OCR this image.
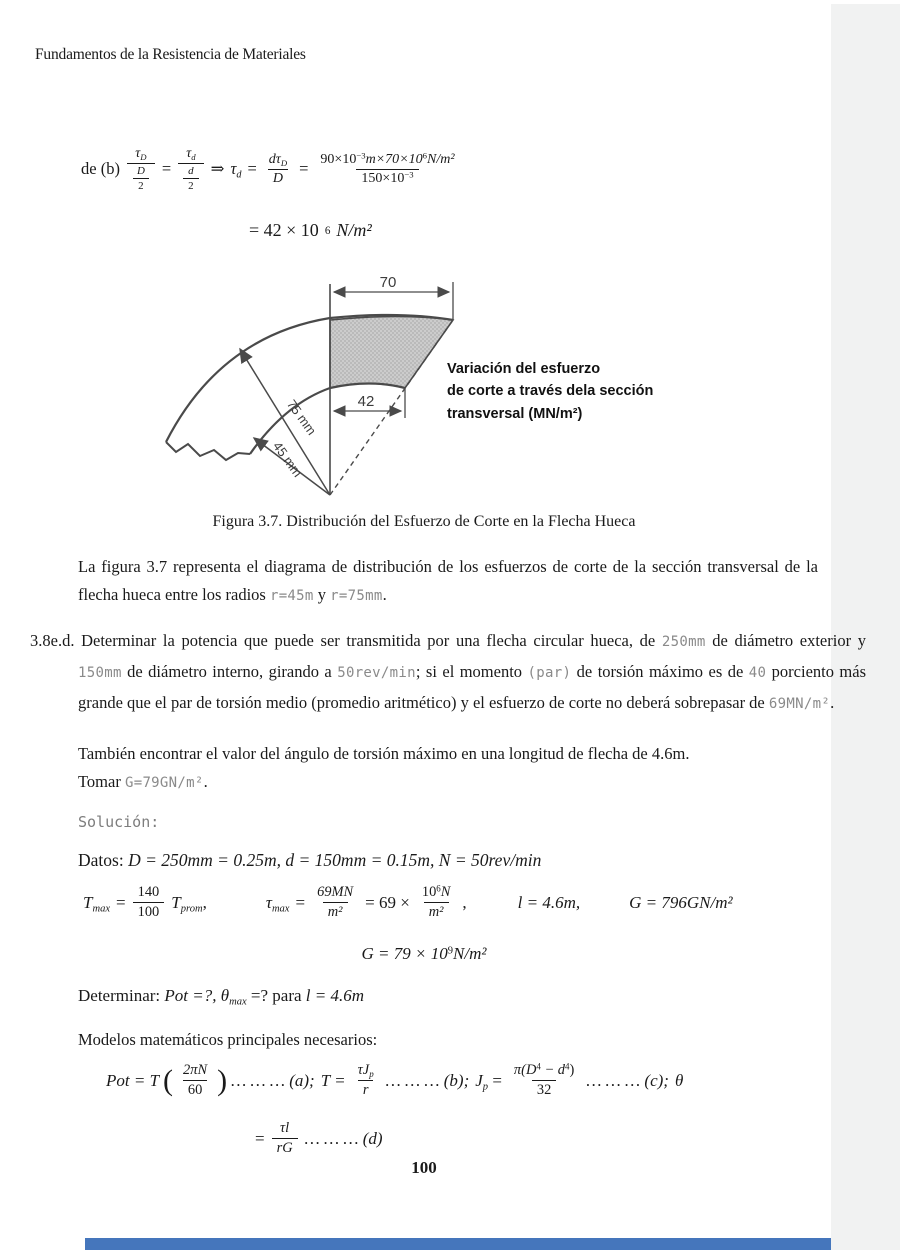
Fundamentos de la Resistencia de Materiales
de $(b) \frac{\tau_D}{\frac{D}{2}} = \frac{\tau_d}{\frac{d}{2}}$ ⇒ $\tau_d = \frac{d\tau_D}{D} = \frac{90\times 10^{-3}m\times 70\times 10^6N/m^2}{150\times 10^{-3}}$
= 42 × 10 6 N/m²
70
42
75 mm
45 mm
Variación del esfuerzo
de corte a través dela sección
transversal (MN/m²)
Figura 3.7. Distribución del Esfuerzo de Corte en la Flecha Hueca
La figura 3.7 representa el diagrama de distribución de los esfuerzos de corte de la sección transversal de la flecha hueca entre los radios r=45m y r=75mm.
3.8e.d. Determinar la potencia que puede ser transmitida por una flecha circular hueca, de 250mm de diámetro exterior y 150mm de diámetro interno, girando a 50rev/min; si el momento (par) de torsión máximo es de 40 porciento más grande que el par de torsión medio (promedio aritmético) y el esfuerzo de corte no deberá sobrepasar de 69MN/m².
También encontrar el valor del ángulo de torsión máximo en una longitud de flecha de 4.6m.
Tomar G=79GN/m².
Solución:
Datos: D = 250mm = 0.25m, d = 150mm = 0.15m, N = 50rev/min
$T_{max} = \frac{140}{100} T_{prom}$,	$\tau_{max} = \frac{69MN}{\text{m²}} = 69 \times \frac{10^6N}{\text{m²}}$ ,	l = 4.6m,	G = 796GN/m²
$G = 79 \times 10^9N/m^2$
Determinar: Pot =?, $\theta_{max}$ =? para l = 4.6m
Modelos matemáticos principales necesarios:
Pot = T ( $\frac{2\pi N}{60}$ ) … … … (a); $T = \frac{\tau J_p}{r}$ … … … (b); $J_p = \frac{\pi(D^4 - d^4)}{32}$ … … … (c); θ
= $\frac{\tau l}{rG}$ … … … (d)
100
